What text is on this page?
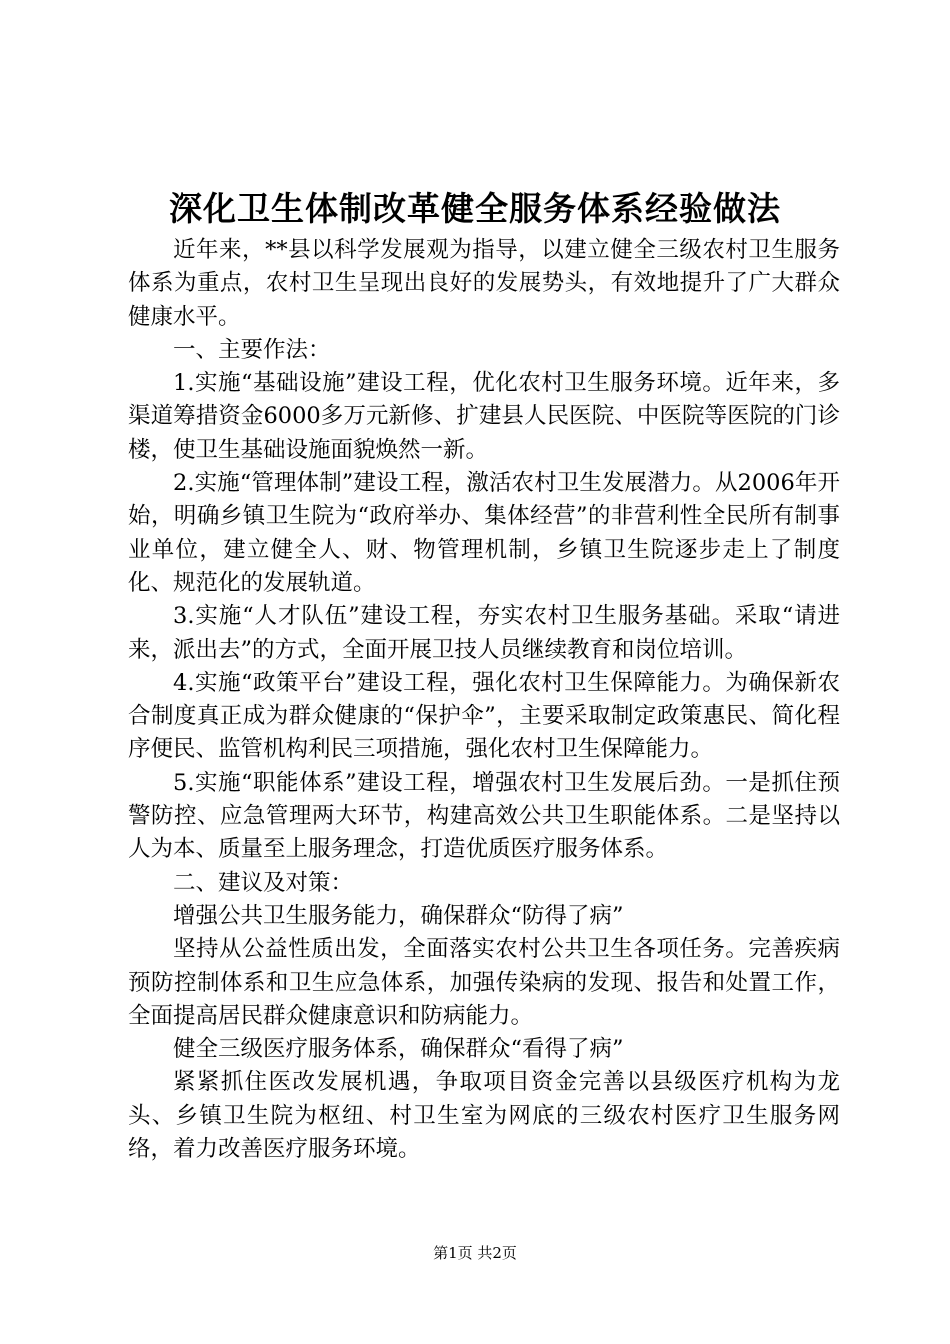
深化卫生体制改革健全服务体系经验做法

近年来，**县以科学发展观为指导，以建立健全三级农村卫生服务体系为重点，农村卫生呈现出良好的发展势头，有效地提升了广大群众健康水平。

一、主要作法：

1.实施“基础设施”建设工程，优化农村卫生服务环境。近年来，多渠道筹措资金6000多万元新修、扩建县人民医院、中医院等医院的门诊楼，使卫生基础设施面貌焕然一新。

2.实施“管理体制”建设工程，激活农村卫生发展潜力。从2006年开始，明确乡镇卫生院为“政府举办、集体经营”的非营利性全民所有制事业单位，建立健全人、财、物管理机制，乡镇卫生院逐步走上了制度化、规范化的发展轨道。

3.实施“人才队伍”建设工程，夯实农村卫生服务基础。采取“请进来，派出去”的方式，全面开展卫技人员继续教育和岗位培训。

4.实施“政策平台”建设工程，强化农村卫生保障能力。为确保新农合制度真正成为群众健康的“保护伞”，主要采取制定政策惠民、简化程序便民、监管机构利民三项措施，强化农村卫生保障能力。

5.实施“职能体系”建设工程，增强农村卫生发展后劲。一是抓住预警防控、应急管理两大环节，构建高效公共卫生职能体系。二是坚持以人为本、质量至上服务理念，打造优质医疗服务体系。

二、建议及对策：

增强公共卫生服务能力，确保群众“防得了病”

坚持从公益性质出发，全面落实农村公共卫生各项任务。完善疾病预防控制体系和卫生应急体系，加强传染病的发现、报告和处置工作，全面提高居民群众健康意识和防病能力。

健全三级医疗服务体系，确保群众“看得了病”

紧紧抓住医改发展机遇，争取项目资金完善以县级医疗机构为龙头、乡镇卫生院为枢纽、村卫生室为网底的三级农村医疗卫生服务网络，着力改善医疗服务环境。

第1页 共2页
